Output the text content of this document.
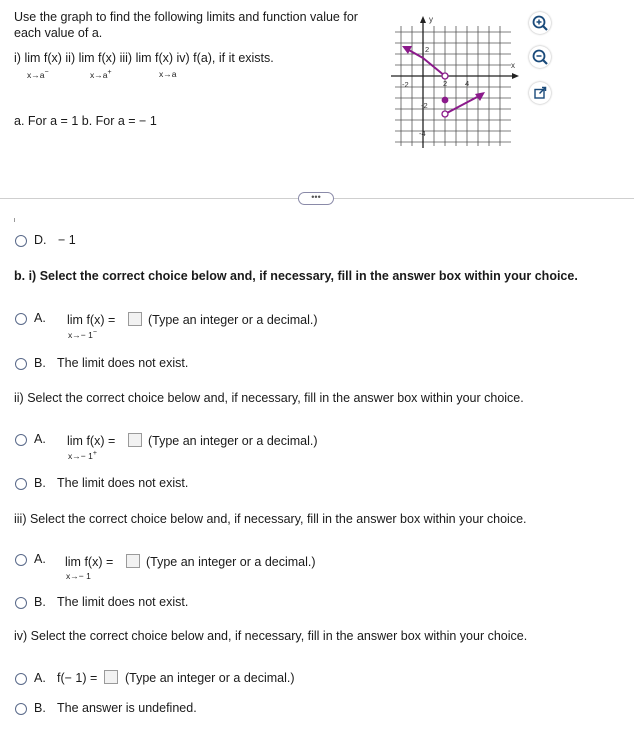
Use the graph to find the following limits and function value for each value of a.
i) lim f(x) ii) lim f(x) iii) lim f(x) iv) f(a), if it exists.
x→a−	x→a+	x→a
a. For a = 1 b. For a = − 1
y
x
2
-2	2 4
-2
-4
•••
D. − 1
b. i) Select the correct choice below and, if necessary, fill in the answer box within your choice.
A. lim f(x) =
x→− 1−
(Type an integer or a decimal.)
B. The limit does not exist.
ii) Select the correct choice below and, if necessary, fill in the answer box within your choice.
A. lim f(x) =
x→− 1+
(Type an integer or a decimal.)
B. The limit does not exist.
iii) Select the correct choice below and, if necessary, fill in the answer box within your choice.
A. lim f(x) =
x→− 1
(Type an integer or a decimal.)
B. The limit does not exist.
iv) Select the correct choice below and, if necessary, fill in the answer box within your choice.
A. f(− 1) = (Type an integer or a decimal.)
B. The answer is undefined.
